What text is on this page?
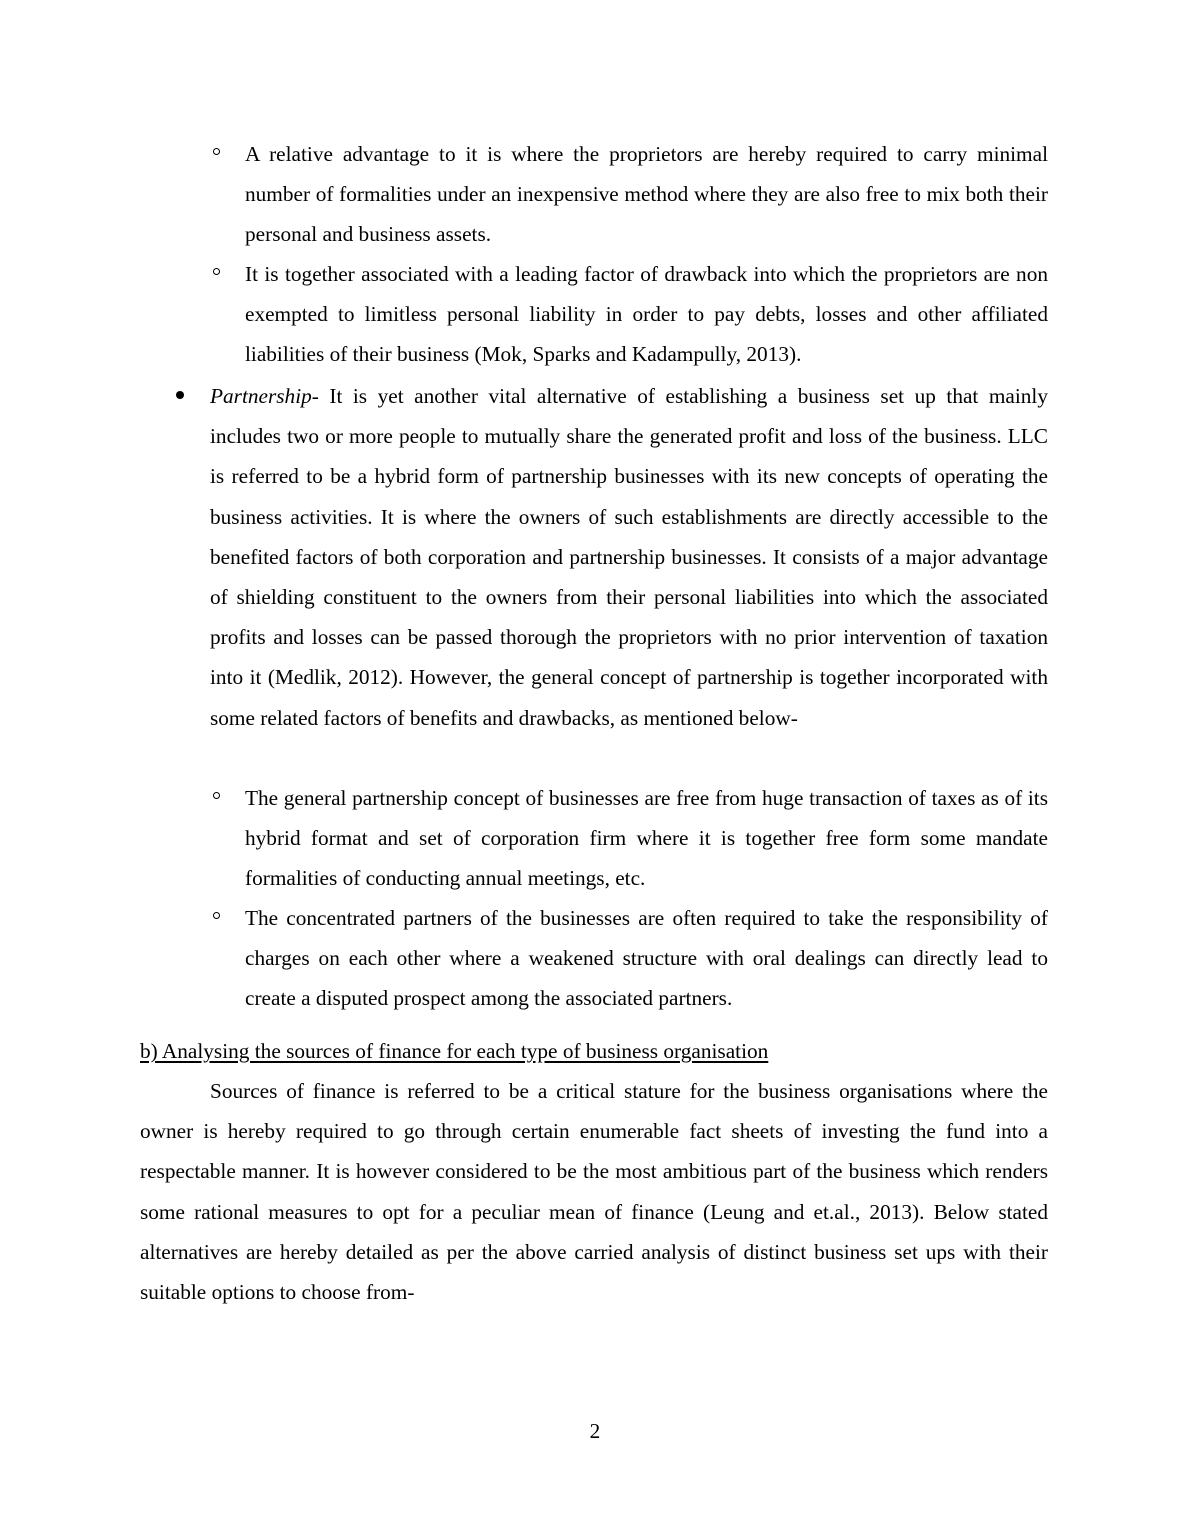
A relative advantage to it is where the proprietors are hereby required to carry minimal number of formalities under an inexpensive method where they are also free to mix both their personal and business assets.

It is together associated with a leading factor of drawback into which the proprietors are non exempted to limitless personal liability in order to pay debts, losses and other affiliated liabilities of their business (Mok, Sparks and Kadampully, 2013).

Partnership- It is yet another vital alternative of establishing a business set up that mainly includes two or more people to mutually share the generated profit and loss of the business. LLC is referred to be a hybrid form of partnership businesses with its new concepts of operating the business activities. It is where the owners of such establishments are directly accessible to the benefited factors of both corporation and partnership businesses. It consists of a major advantage of shielding constituent to the owners from their personal liabilities into which the associated profits and losses can be passed thorough the proprietors with no prior intervention of taxation into it (Medlik, 2012). However, the general concept of partnership is together incorporated with some related factors of benefits and drawbacks, as mentioned below-

The general partnership concept of businesses are free from huge transaction of taxes as of its hybrid format and set of corporation firm where it is together free form some mandate formalities of conducting annual meetings, etc.

The concentrated partners of the businesses are often required to take the responsibility of charges on each other where a weakened structure with oral dealings can directly lead to create a disputed prospect among the associated partners.

b) Analysing the sources of finance for each type of business organisation

Sources of finance is referred to be a critical stature for the business organisations where the owner is hereby required to go through certain enumerable fact sheets of investing the fund into a respectable manner. It is however considered to be the most ambitious part of the business which renders some rational measures to opt for a peculiar mean of finance (Leung and et.al., 2013). Below stated alternatives are hereby detailed as per the above carried analysis of distinct business set ups with their suitable options to choose from-

2
